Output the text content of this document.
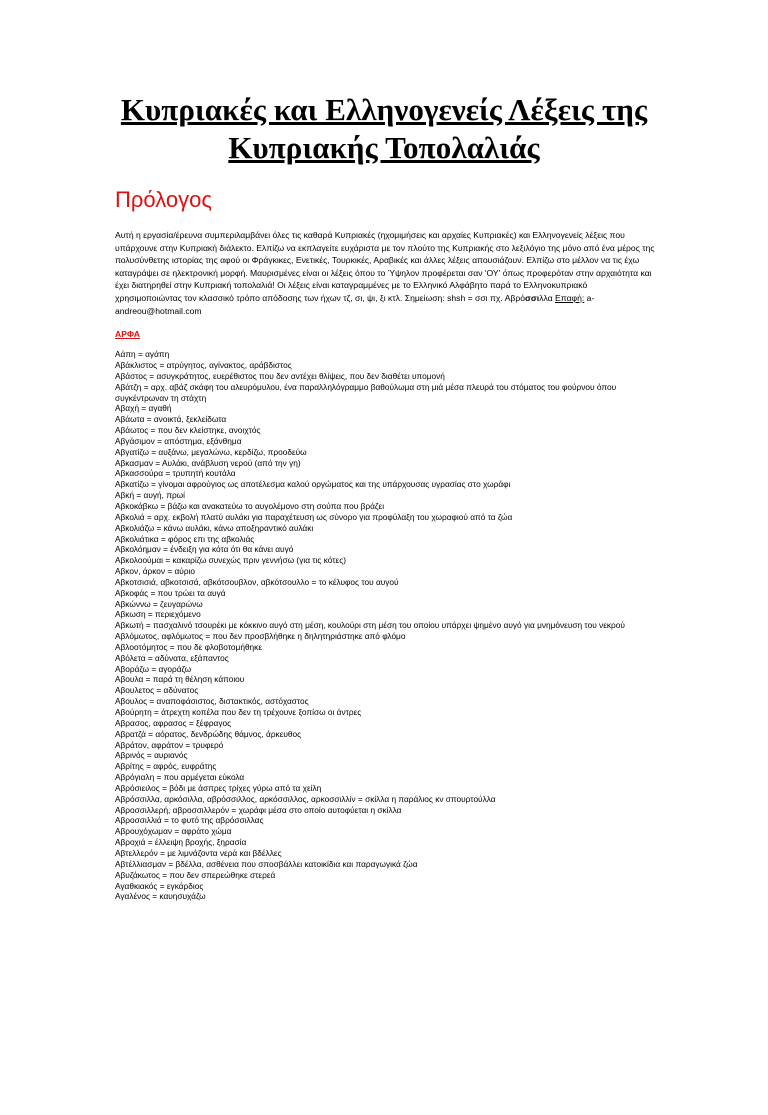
Κυπριακές και Ελληνογενείς Λέξεις της
Κυπριακής Τοπολαλιάς
Πρόλογος

Αυτή η εργασία/έρευνα συμπεριλαμβάνει όλες τις καθαρά Κυπριακές (ηχομιμήσεις και αρχαίες Κυπριακές) και Ελληνογενείς λέξεις που υπάρχουνε στην Κυπριακή διάλεκτο. Ελπίζω να εκπλαγείτε ευχάριστα με τον πλούτο της Κυπριακής στο λεξιλόγιο της μόνο από ένα μέρος της πολυσύνθετης ιστορίας της αφού οι Φράγκικες, Ενετικές, Τουρκικές, Αραβικές και άλλες λέξεις απουσιάζουν. Ελπίζω στο μέλλον να τις έχω καταγράψει σε ηλεκτρονική μορφή. Μαυρισμένες είναι οι λέξεις όπου το Ύψηλον προφέρεται σαν 'ΟΥ' όπως προφερόταν στην αρχαιότητα και έχει διατηρηθεί στην Κυπριακή τοπολαλιά! Οι λέξεις είναι καταγραμμένες με το Ελληνικό Αλφάβητο παρά το Ελληνοκυπριακό χρησιμοποιώντας τον κλασσικό τρόπο απόδοσης των ήχων τζ, σι, ψι, ξι κτλ. Σημείωση: shsh = σσι πχ. Αβρόσσιλλα Επαφή: a-andreou@hotmail.com

ΑΡΦΑ
Αάπη = αγάπη
Αβάκλιστος = ατρύγητος, αγίνακτος, αράβδιστος
Αβάστος = ασυγκράτητος, ευερέθιστος που δεν αντέχει θλίψεις, που δεν διαθέτει υπομονή
Αβάτζη = αρχ. αβάζ σκάφη του αλευρόμυλου, ένα παραλληλόγραμμο βαθούλωμα στη μιά μέσα πλευρά του στόματος του φούρνου όπου συγκέντρωναν τη στάχτη
Αβαχή = αγαθή
Αβάωτα = ανοικτά, ξεκλείδωτα
Αβάωτος = που δεν κλείστηκε, ανοιχτός
Αβγάσιμον = απόστημα, εξάνθημα
Αβγατίζω = αυξάνω, μεγαλώνω, κερδίζω, προοδεύω
Αβκασμαν = Αυλάκι, ανάβλυση νερού (από την γη)
Αβκασσούρα = τρυπητή κουτάλα
Αβκατίζω = γίνομαι αφρούγιος ως αποτέλεσμα καλού οργώματος και της υπάρχουσας υγρασίας στο χωράφι
Αβκή = αυγή, πρωί
Αβκοκάβκω = βάζω και ανακατεύω το αυγολέμονο στη σούπα που βράζει
Αβκολιά = αρχ. εκβολή πλατύ αυλάκι για παραχέτευση ως σύνορο για προφύλαξη του χωραφιού από τα ζώα
Αβκολιάζω = κάνω αυλάκι, κάνω αποξηραντικό αυλάκι
Αβκολιάτικα = φόρος επι της αβκολιάς
Αβκολόημαν = ένδειξη για κότα ότι θα κάνει αυγό
Αβκολοούμαι = κακαρίζω συνεχώς πριν γεννήσω (για τις κότες)
Αβκον, άρκον = αύριο
Αβκοτσισιά, αβκοτσισά, αβκότσουβλον, αβκότσουλλο = το κέλυφος του αυγού
Αβκοφάς = που τρώει τα αυγά
Αβκώννω = ζευγαρώνω
Αβκωση = περιεχόμενο
Αβκωτή = πασχαλινό τσουρέκι με κόκκινο αυγό στη μέση, κουλούρι στη μέση του οποίου υπάρχει ψημένο αυγό για μνημόνευση του νεκρού
Αβλόμωτος, αφλόμωτος = που δεν προσβλήθηκε η δηλητηριάστηκε από φλόμο
Αβλοοτόμητος = που δε φλοβοτομήθηκε
Αβόλετα = αδύνατα, εξάπαντος
Αβοράζω = αγοράζω
Αβουλα = παρά τη θέληση κάποιου
Αβουλετος = αδύνατος
Αβουλος = αναποφάσιστος, διστακτικός, αστόχαστος
Αβούρητη = άτρεχτη κοπέλα που δεν τη τρέχουνε ξοπίσω οι άντρες
Αβρασος, αφρασος = ξέφραγος
Αβρατζά = αόρατος, δενδρώδης θάμνος, άρκευθος
Αβράτον, αφράτον = τρυφερό
Αβρινός = αυριανός
Αβρίτης = αφρός, ευφράτης
Αβρόγιαλη = που αρμέγεται εύκολα
Αβρόσιειλος = βόδι με άσπρες τρίχες γύρω από τα χείλη
Αβρόσσιλλα, αρκόσιλλα, αβρόσσιλλος, αρκόσσιλλος, αρκοσσιλλίν = σκίλλα η παράλιος κν σπουρτούλλα
Αβροσσιλλερή, αβροσσιλλερόν = χωράφι μέσα στο οποίο αυτοφύεται η σκίλλα
Αβροσσιλλιά = το φυτό της αβρόσσιλλας
Αβρουχόχωμαν = αφράτο χώμα
Αβροχιά = έλλειψη βροχής, ξηρασία
Αβτελλερόν = με λιμνάζοντα νερά και βδέλλες
Αβτέλλιασμαν = βδέλλα, ασθένεια που σποσβάλλει κατοικίδια και παραγωγικά ζώα
Αβυζάκωτος = που δεν σπερεώθηκε στερεά
Αγαθκιακός = εγκάρδιος
Αγαλένος = καυησυχάζω
